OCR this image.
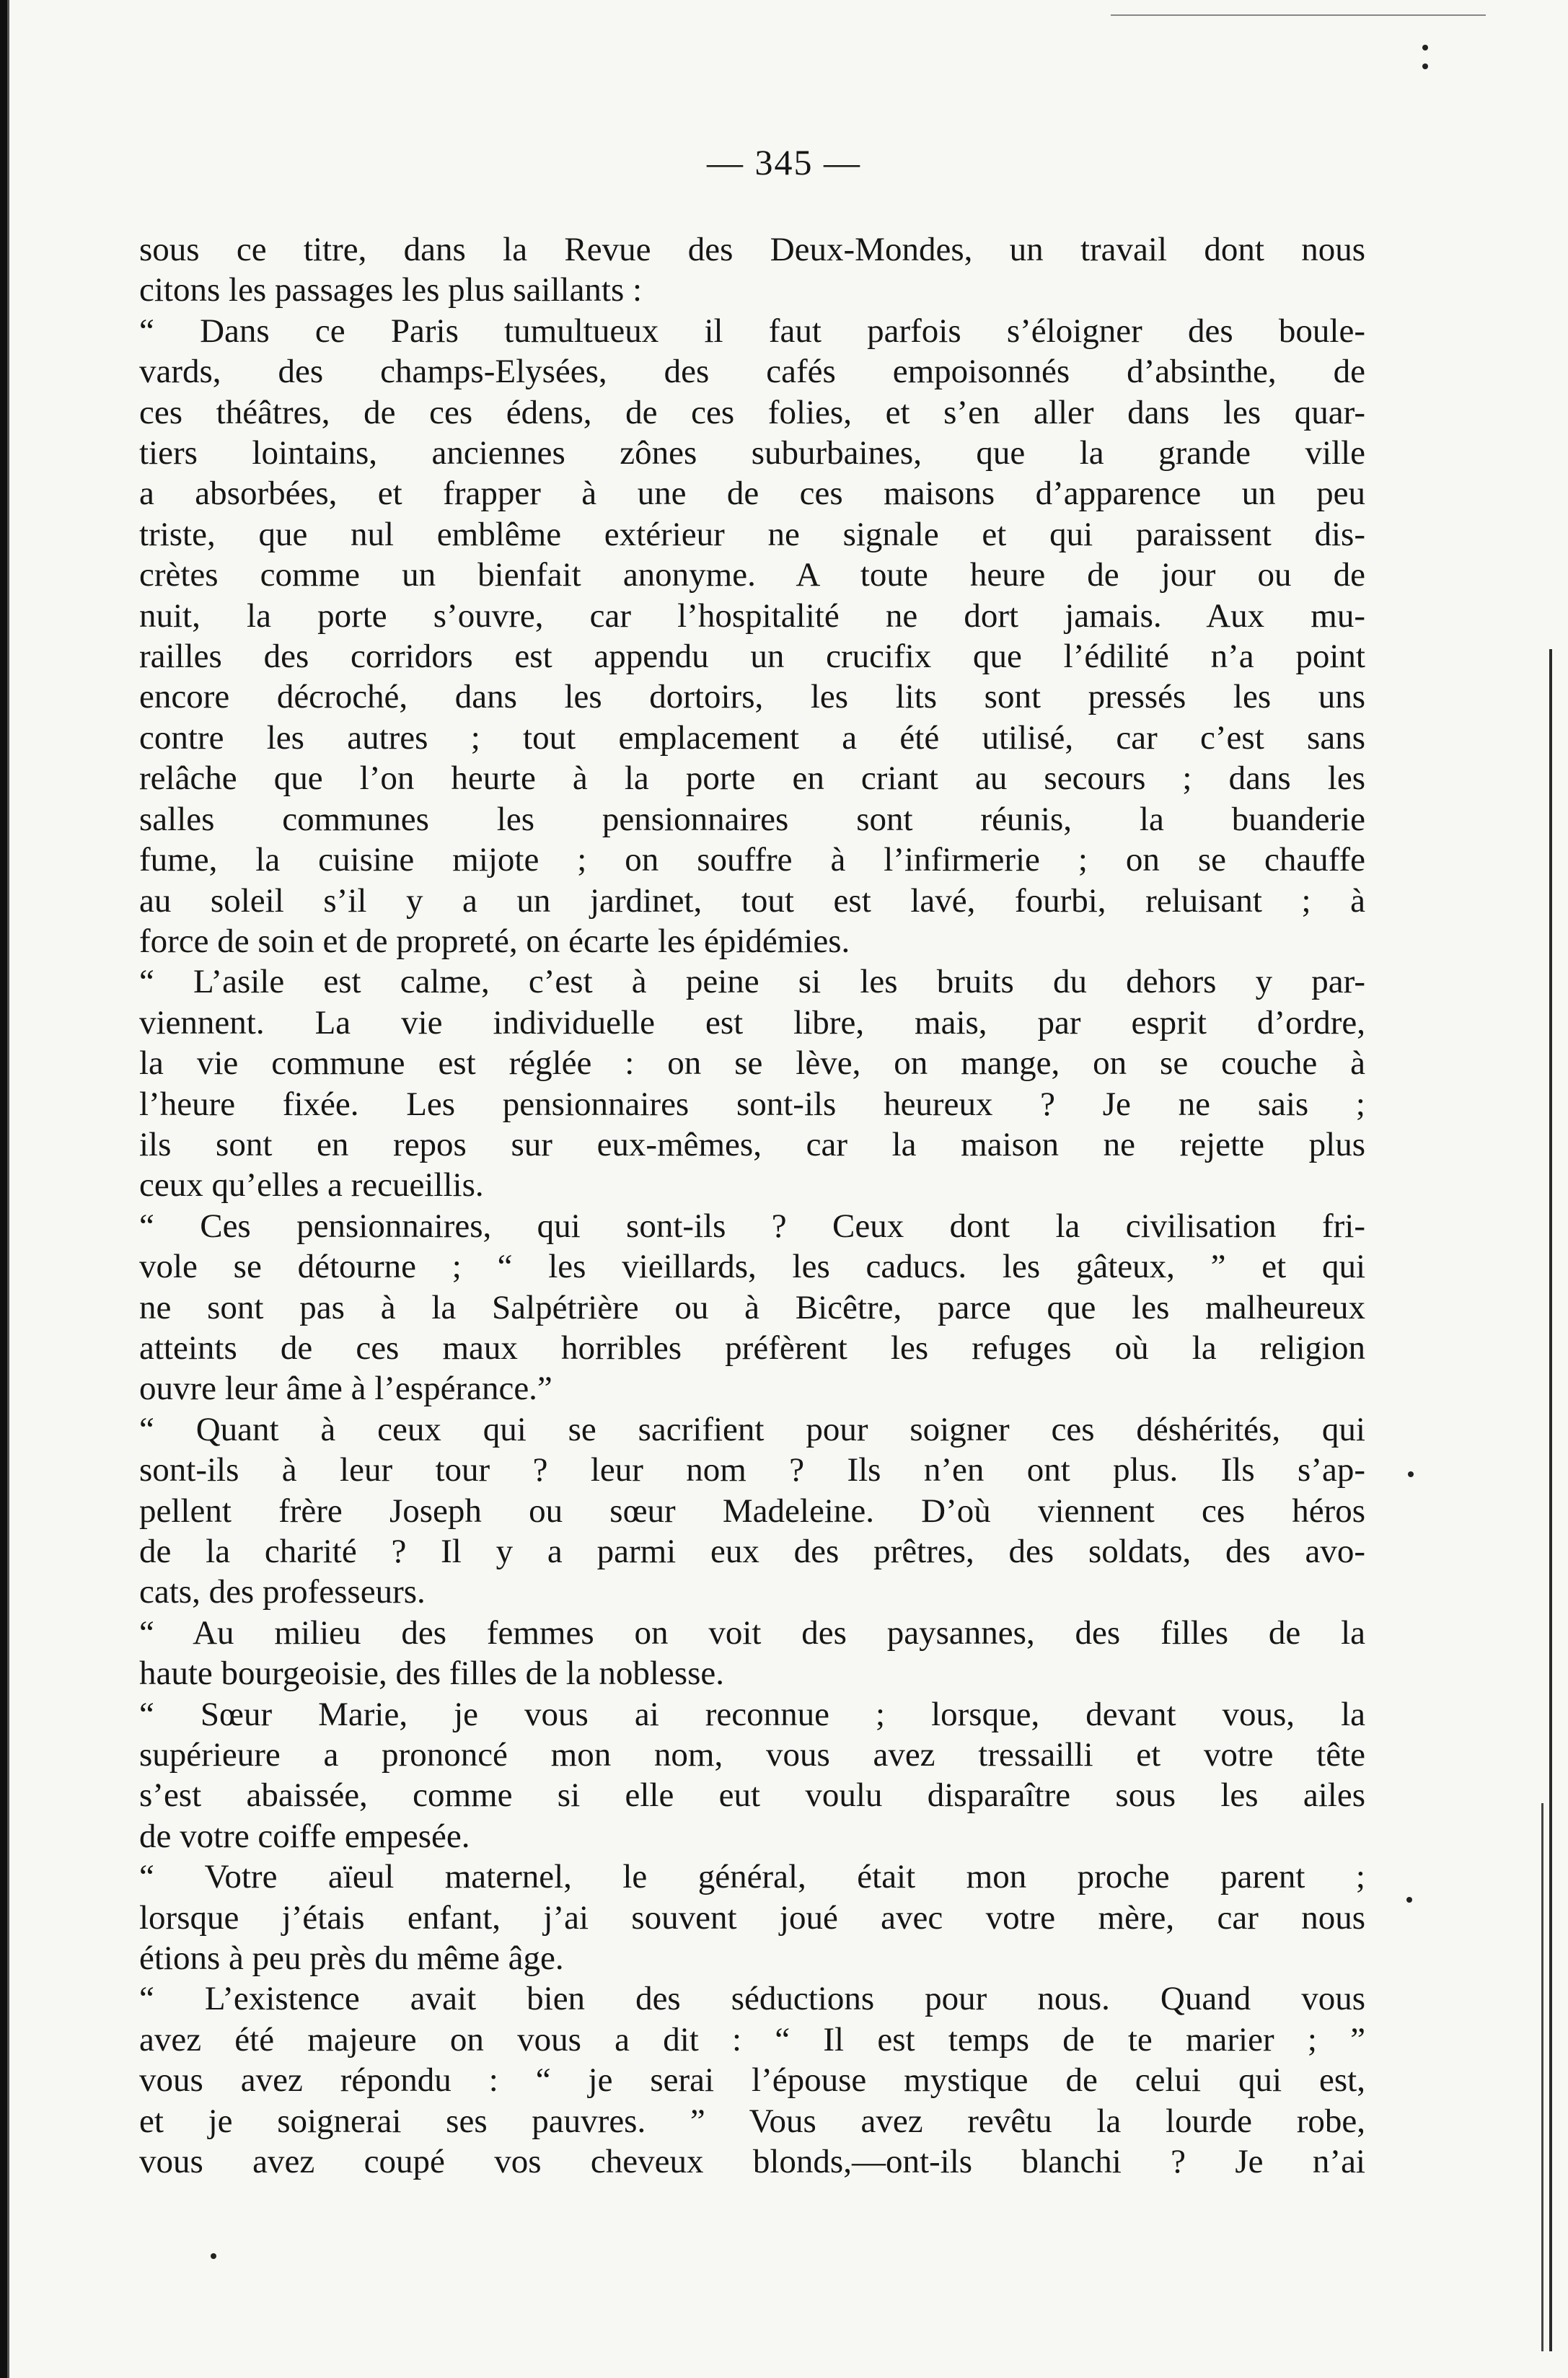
— 345 —
sous ce titre, dans la Revue des Deux-Mondes, un travail dont nous
citons les passages les plus saillants :
“ Dans ce Paris tumultueux il faut parfois s’éloigner des boule-
vards, des champs-Elysées, des cafés empoisonnés d’absinthe, de
ces théâtres, de ces édens, de ces folies, et s’en aller dans les quar-
tiers lointains, anciennes zônes suburbaines, que la grande ville
a absorbées, et frapper à une de ces maisons d’apparence un peu
triste, que nul emblême extérieur ne signale et qui paraissent dis-
crètes comme un bienfait anonyme. A toute heure de jour ou de
nuit, la porte s’ouvre, car l’hospitalité ne dort jamais. Aux mu-
railles des corridors est appendu un crucifix que l’édilité n’a point
encore décroché, dans les dortoirs, les lits sont pressés les uns
contre les autres ; tout emplacement a été utilisé, car c’est sans
relâche que l’on heurte à la porte en criant au secours ; dans les
salles communes les pensionnaires sont réunis, la buanderie
fume, la cuisine mijote ; on souffre à l’infirmerie ; on se chauffe
au soleil s’il y a un jardinet, tout est lavé, fourbi, reluisant ; à
force de soin et de propreté, on écarte les épidémies.
“ L’asile est calme, c’est à peine si les bruits du dehors y par-
viennent. La vie individuelle est libre, mais, par esprit d’ordre,
la vie commune est réglée : on se lève, on mange, on se couche à
l’heure fixée. Les pensionnaires sont-ils heureux ? Je ne sais ;
ils sont en repos sur eux-mêmes, car la maison ne rejette plus
ceux qu’elles a recueillis.
“ Ces pensionnaires, qui sont-ils ? Ceux dont la civilisation fri-
vole se détourne ; “ les vieillards, les caducs. les gâteux, ” et qui
ne sont pas à la Salpétrière ou à Bicêtre, parce que les malheureux
atteints de ces maux horribles préfèrent les refuges où la religion
ouvre leur âme à l’espérance.”
“ Quant à ceux qui se sacrifient pour soigner ces déshérités, qui
sont-ils à leur tour ? leur nom ? Ils n’en ont plus. Ils s’ap-
pellent frère Joseph ou sœur Madeleine. D’où viennent ces héros
de la charité ? Il y a parmi eux des prêtres, des soldats, des avo-
cats, des professeurs.
“ Au milieu des femmes on voit des paysannes, des filles de la
haute bourgeoisie, des filles de la noblesse.
“ Sœur Marie, je vous ai reconnue ; lorsque, devant vous, la
supérieure a prononcé mon nom, vous avez tressailli et votre tête
s’est abaissée, comme si elle eut voulu disparaître sous les ailes
de votre coiffe empesée.
“ Votre aïeul maternel, le général, était mon proche parent ;
lorsque j’étais enfant, j’ai souvent joué avec votre mère, car nous
étions à peu près du même âge.
“ L’existence avait bien des séductions pour nous. Quand vous
avez été majeure on vous a dit : “ Il est temps de te marier ; ”
vous avez répondu : “ je serai l’épouse mystique de celui qui est,
et je soignerai ses pauvres. ” Vous avez revêtu la lourde robe,
vous avez coupé vos cheveux blonds,—ont-ils blanchi ? Je n’ai
